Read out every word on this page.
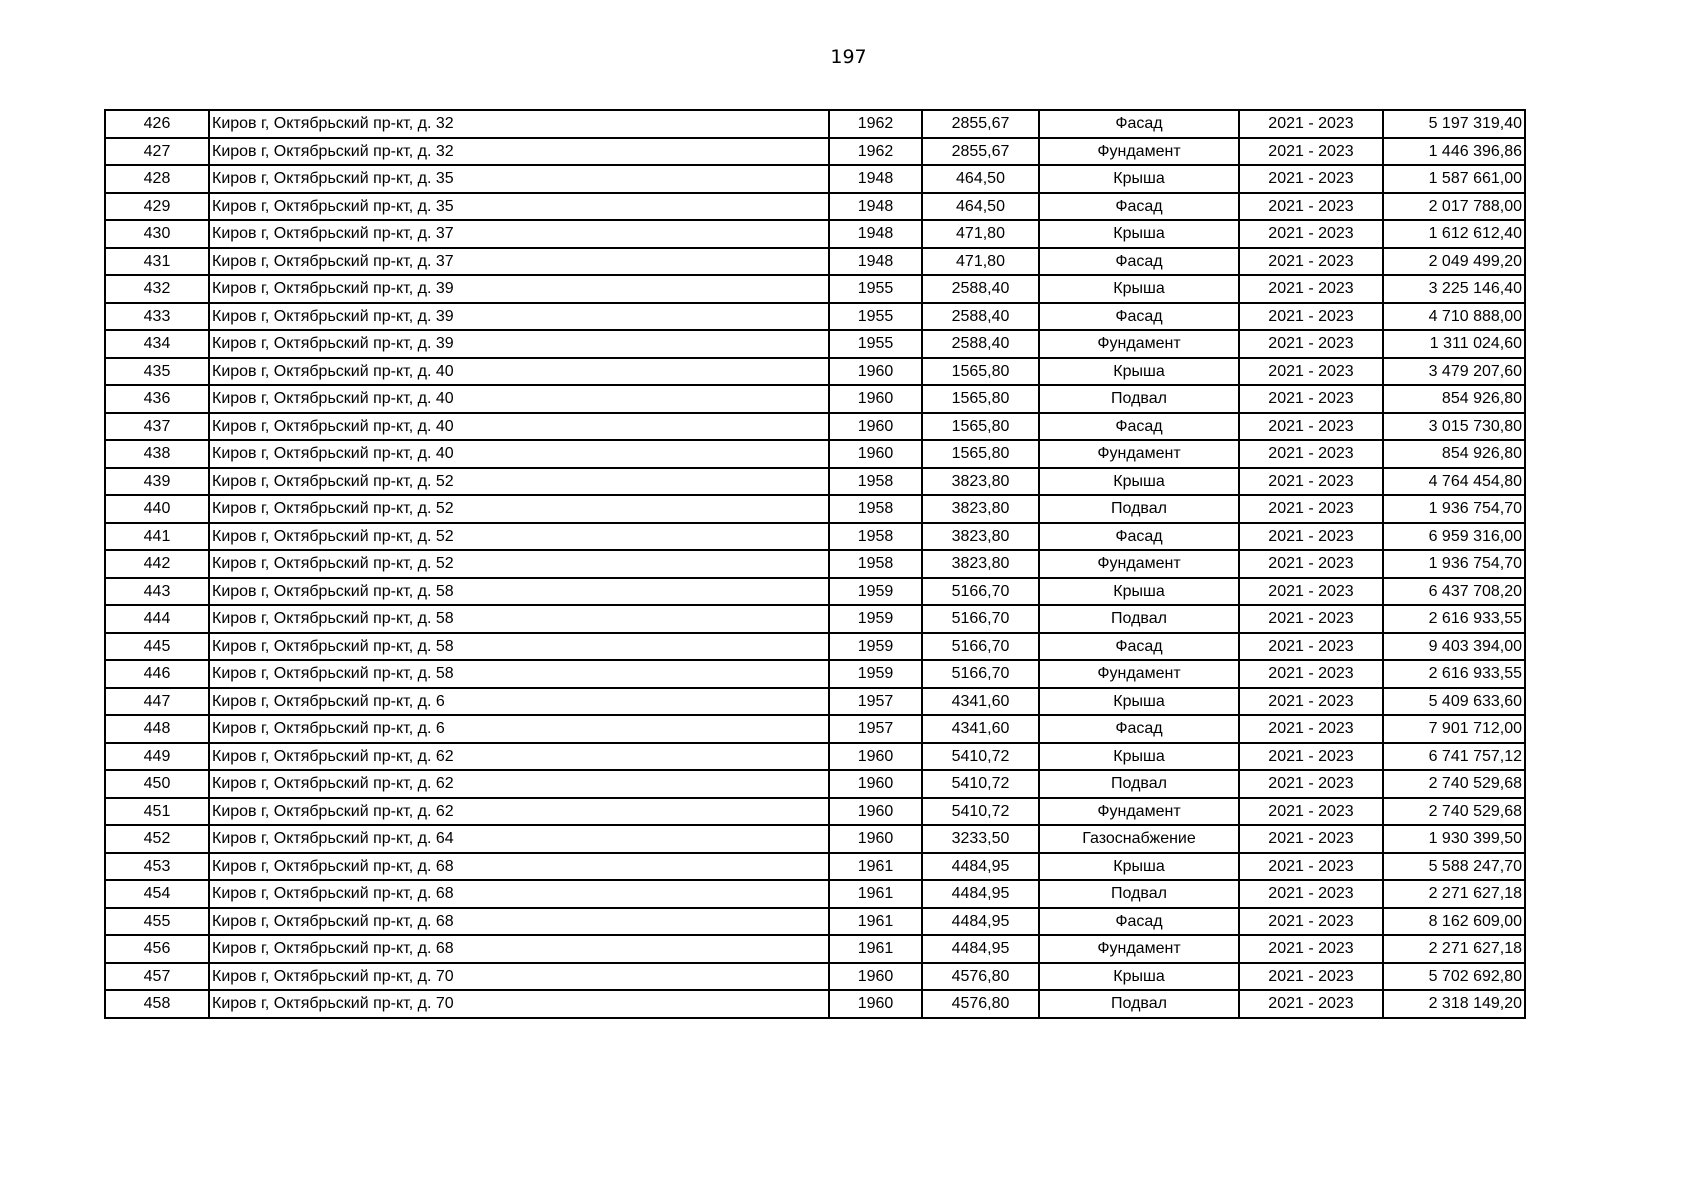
197
426	Киров г, Октябрьский пр-кт, д. 32	1962	2855,67	Фасад	2021 - 2023	5 197 319,40
427	Киров г, Октябрьский пр-кт, д. 32	1962	2855,67	Фундамент	2021 - 2023	1 446 396,86
428	Киров г, Октябрьский пр-кт, д. 35	1948	464,50	Крыша	2021 - 2023	1 587 661,00
429	Киров г, Октябрьский пр-кт, д. 35	1948	464,50	Фасад	2021 - 2023	2 017 788,00
430	Киров г, Октябрьский пр-кт, д. 37	1948	471,80	Крыша	2021 - 2023	1 612 612,40
431	Киров г, Октябрьский пр-кт, д. 37	1948	471,80	Фасад	2021 - 2023	2 049 499,20
432	Киров г, Октябрьский пр-кт, д. 39	1955	2588,40	Крыша	2021 - 2023	3 225 146,40
433	Киров г, Октябрьский пр-кт, д. 39	1955	2588,40	Фасад	2021 - 2023	4 710 888,00
434	Киров г, Октябрьский пр-кт, д. 39	1955	2588,40	Фундамент	2021 - 2023	1 311 024,60
435	Киров г, Октябрьский пр-кт, д. 40	1960	1565,80	Крыша	2021 - 2023	3 479 207,60
436	Киров г, Октябрьский пр-кт, д. 40	1960	1565,80	Подвал	2021 - 2023	854 926,80
437	Киров г, Октябрьский пр-кт, д. 40	1960	1565,80	Фасад	2021 - 2023	3 015 730,80
438	Киров г, Октябрьский пр-кт, д. 40	1960	1565,80	Фундамент	2021 - 2023	854 926,80
439	Киров г, Октябрьский пр-кт, д. 52	1958	3823,80	Крыша	2021 - 2023	4 764 454,80
440	Киров г, Октябрьский пр-кт, д. 52	1958	3823,80	Подвал	2021 - 2023	1 936 754,70
441	Киров г, Октябрьский пр-кт, д. 52	1958	3823,80	Фасад	2021 - 2023	6 959 316,00
442	Киров г, Октябрьский пр-кт, д. 52	1958	3823,80	Фундамент	2021 - 2023	1 936 754,70
443	Киров г, Октябрьский пр-кт, д. 58	1959	5166,70	Крыша	2021 - 2023	6 437 708,20
444	Киров г, Октябрьский пр-кт, д. 58	1959	5166,70	Подвал	2021 - 2023	2 616 933,55
445	Киров г, Октябрьский пр-кт, д. 58	1959	5166,70	Фасад	2021 - 2023	9 403 394,00
446	Киров г, Октябрьский пр-кт, д. 58	1959	5166,70	Фундамент	2021 - 2023	2 616 933,55
447	Киров г, Октябрьский пр-кт, д. 6	1957	4341,60	Крыша	2021 - 2023	5 409 633,60
448	Киров г, Октябрьский пр-кт, д. 6	1957	4341,60	Фасад	2021 - 2023	7 901 712,00
449	Киров г, Октябрьский пр-кт, д. 62	1960	5410,72	Крыша	2021 - 2023	6 741 757,12
450	Киров г, Октябрьский пр-кт, д. 62	1960	5410,72	Подвал	2021 - 2023	2 740 529,68
451	Киров г, Октябрьский пр-кт, д. 62	1960	5410,72	Фундамент	2021 - 2023	2 740 529,68
452	Киров г, Октябрьский пр-кт, д. 64	1960	3233,50	Газоснабжение	2021 - 2023	1 930 399,50
453	Киров г, Октябрьский пр-кт, д. 68	1961	4484,95	Крыша	2021 - 2023	5 588 247,70
454	Киров г, Октябрьский пр-кт, д. 68	1961	4484,95	Подвал	2021 - 2023	2 271 627,18
455	Киров г, Октябрьский пр-кт, д. 68	1961	4484,95	Фасад	2021 - 2023	8 162 609,00
456	Киров г, Октябрьский пр-кт, д. 68	1961	4484,95	Фундамент	2021 - 2023	2 271 627,18
457	Киров г, Октябрьский пр-кт, д. 70	1960	4576,80	Крыша	2021 - 2023	5 702 692,80
458	Киров г, Октябрьский пр-кт, д. 70	1960	4576,80	Подвал	2021 - 2023	2 318 149,20
